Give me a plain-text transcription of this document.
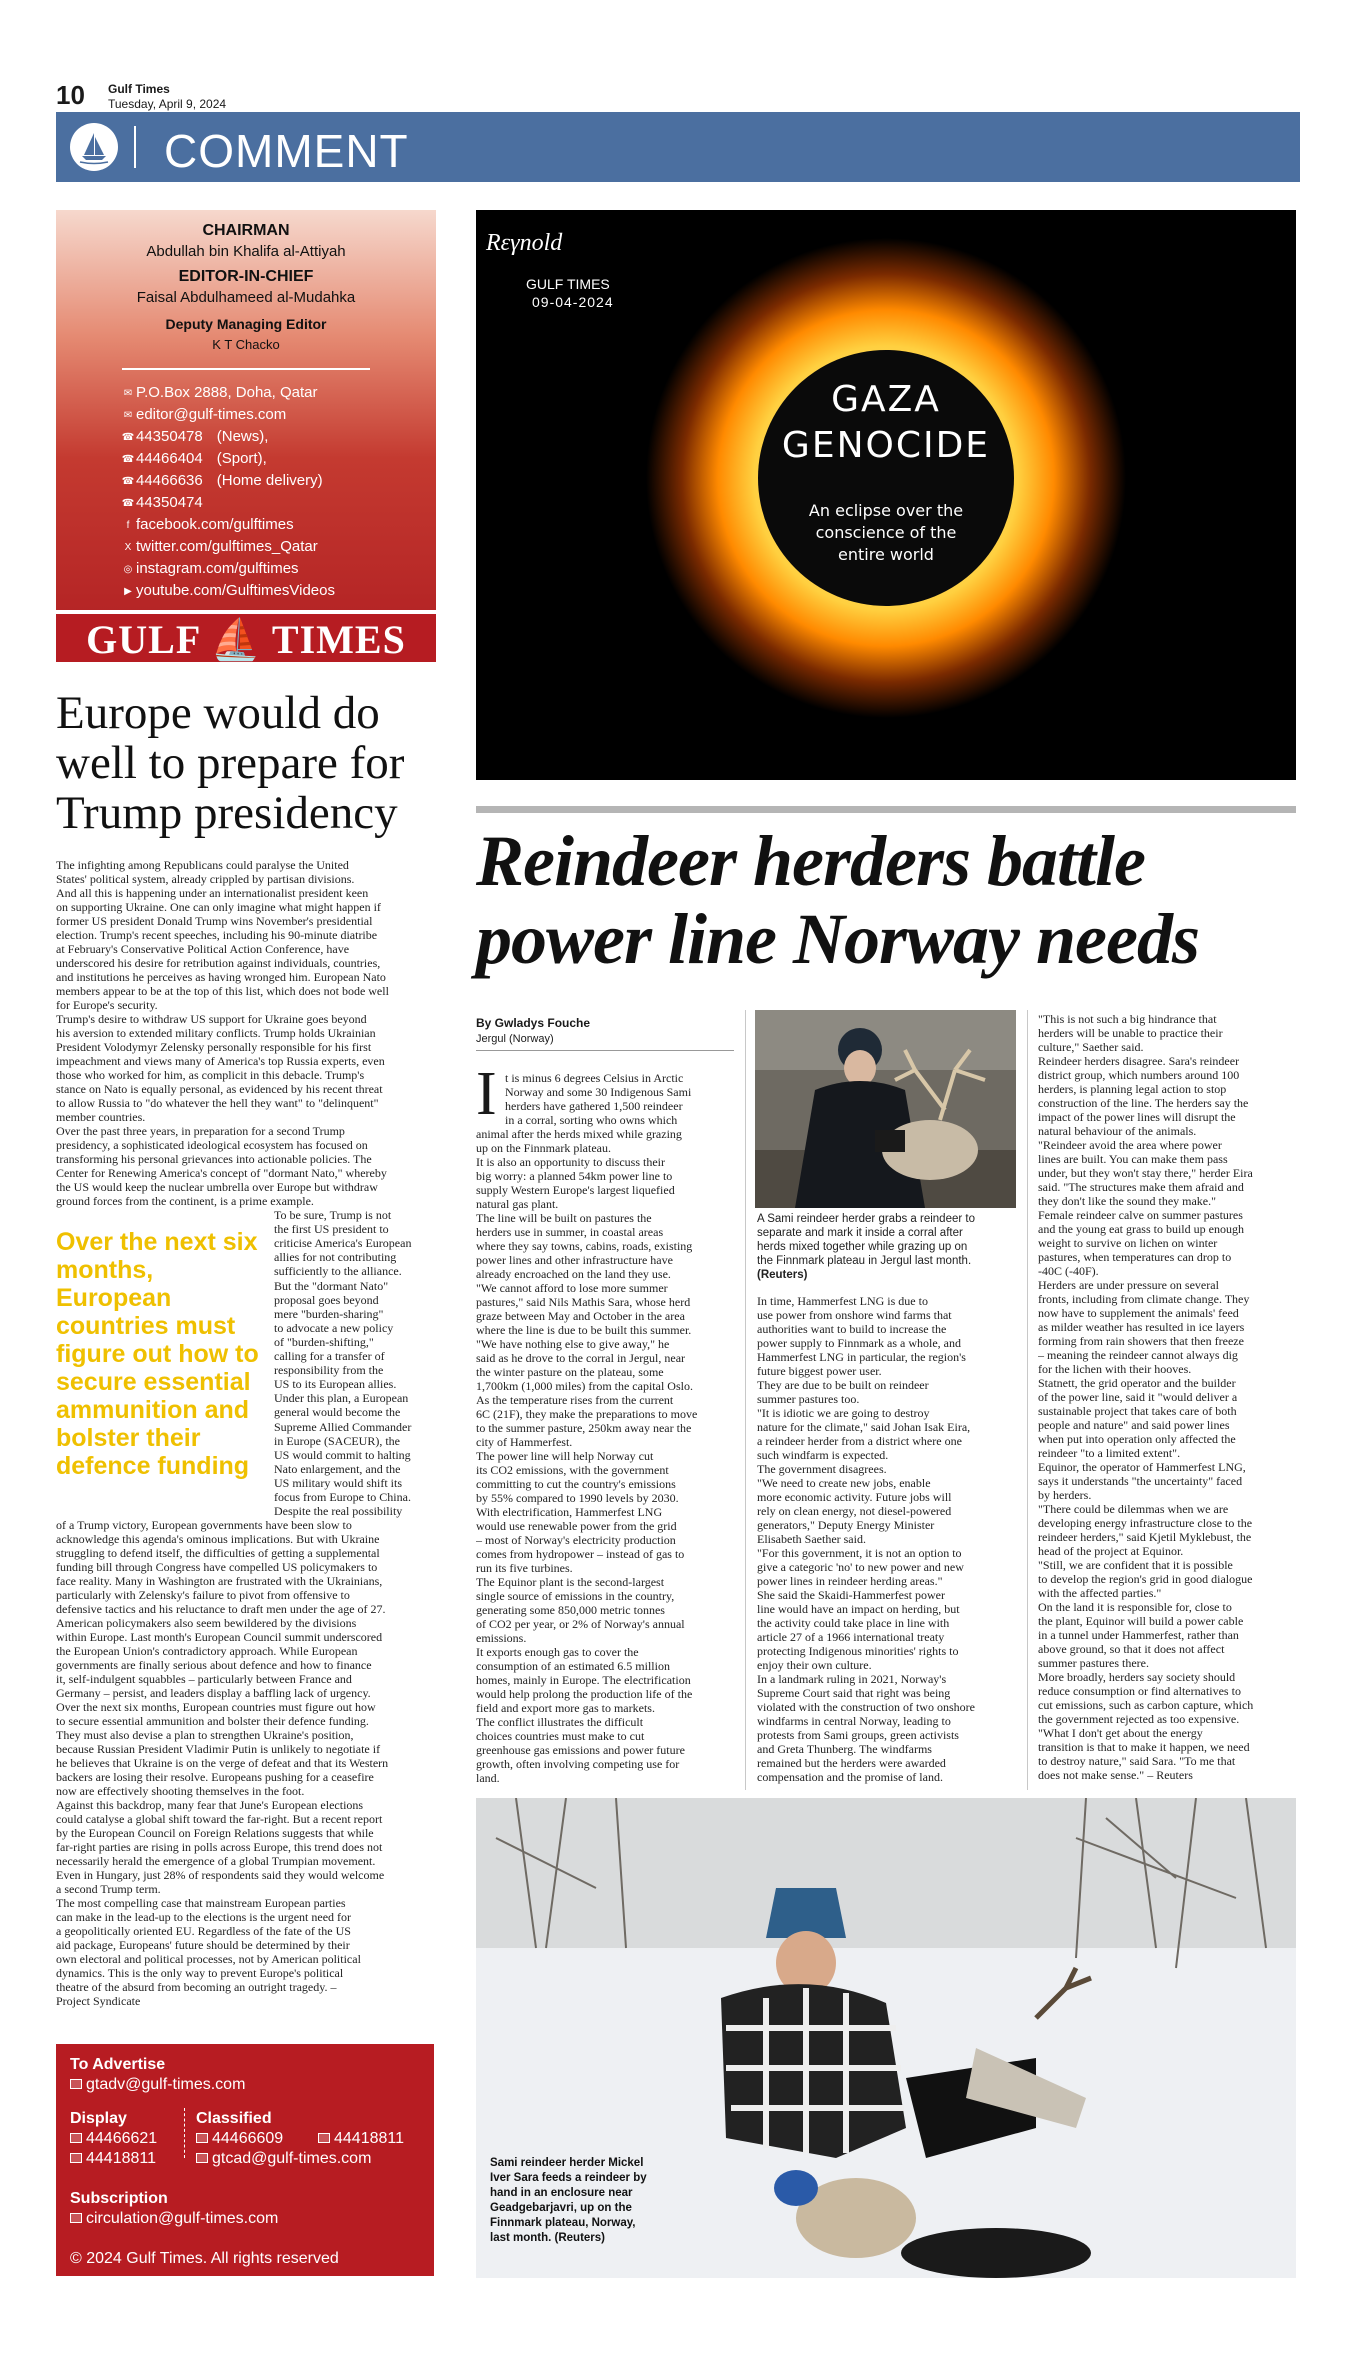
10 Gulf Times
Tuesday, April 9, 2024
COMMENT
CHAIRMAN
Abdullah bin Khalifa al-Attiyah
EDITOR-IN-CHIEF
Faisal Abdulhameed al-Mudahka
Deputy Managing Editor
K T Chacko
✉ P.O.Box 2888, Doha, Qatar
✉ editor@gulf-times.com
☎ 44350478 (News),
☎ 44466404 (Sport),
☎ 44466636 (Home delivery)
☎ 44350474
f facebook.com/gulftimes
X twitter.com/gulftimes_Qatar
◎ instagram.com/gulftimes
▶ youtube.com/GulftimesVideos
GULF ⛵ TIMES
Europe would do well to prepare for Trump presidency
The infighting among Republicans could paralyse the United
States' political system, already crippled by partisan divisions.
And all this is happening under an internationalist president keen
on supporting Ukraine. One can only imagine what might happen if
former US president Donald Trump wins November's presidential
election. Trump's recent speeches, including his 90-minute diatribe
at February's Conservative Political Action Conference, have
underscored his desire for retribution against individuals, countries,
and institutions he perceives as having wronged him. European Nato
members appear to be at the top of this list, which does not bode well
for Europe's security.
Trump's desire to withdraw US support for Ukraine goes beyond
his aversion to extended military conflicts. Trump holds Ukrainian
President Volodymyr Zelensky personally responsible for his first
impeachment and views many of America's top Russia experts, even
those who worked for him, as complicit in this debacle. Trump's
stance on Nato is equally personal, as evidenced by his recent threat
to allow Russia to "do whatever the hell they want" to "delinquent"
member countries.
Over the past three years, in preparation for a second Trump
presidency, a sophisticated ideological ecosystem has focused on
transforming his personal grievances into actionable policies. The
Center for Renewing America's concept of "dormant Nato," whereby
the US would keep the nuclear umbrella over Europe but withdraw
ground forces from the continent, is a prime example.
To be sure, Trump is not
the first US president to
criticise America's European
allies for not contributing
sufficiently to the alliance.
But the "dormant Nato"
proposal goes beyond
mere "burden-sharing"
to advocate a new policy
of "burden-shifting,"
calling for a transfer of
responsibility from the
US to its European allies.
Under this plan, a European
general would become the
Supreme Allied Commander
in Europe (SACEUR), the
US would commit to halting
Nato enlargement, and the
US military would shift its
focus from Europe to China.
Despite the real possibility
of a Trump victory, European governments have been slow to
acknowledge this agenda's ominous implications. But with Ukraine
struggling to defend itself, the difficulties of getting a supplemental
funding bill through Congress have compelled US policymakers to
face reality. Many in Washington are frustrated with the Ukrainians,
particularly with Zelensky's failure to pivot from offensive to
defensive tactics and his reluctance to draft men under the age of 27.
American policymakers also seem bewildered by the divisions
within Europe. Last month's European Council summit underscored
the European Union's contradictory approach. While European
governments are finally serious about defence and how to finance
it, self-indulgent squabbles – particularly between France and
Germany – persist, and leaders display a baffling lack of urgency.
Over the next six months, European countries must figure out how
to secure essential ammunition and bolster their defence funding.
They must also devise a plan to strengthen Ukraine's position,
because Russian President Vladimir Putin is unlikely to negotiate if
he believes that Ukraine is on the verge of defeat and that its Western
backers are losing their resolve. Europeans pushing for a ceasefire
now are effectively shooting themselves in the foot.
Against this backdrop, many fear that June's European elections
could catalyse a global shift toward the far-right. But a recent report
by the European Council on Foreign Relations suggests that while
far-right parties are rising in polls across Europe, this trend does not
necessarily herald the emergence of a global Trumpian movement.
Even in Hungary, just 28% of respondents said they would welcome
a second Trump term.
The most compelling case that mainstream European parties
can make in the lead-up to the elections is the urgent need for
a geopolitically oriented EU. Regardless of the fate of the US
aid package, Europeans' future should be determined by their
own electoral and political processes, not by American political
dynamics. This is the only way to prevent Europe's political
theatre of the absurd from becoming an outright tragedy. –
Project Syndicate
Over the next six months, European countries must figure out how to secure essential ammunition and bolster their defence funding
Rεγnold
GULF TIMES
09-04-2024
GAZA
GENOCIDE
An eclipse over the
conscience of the
entire world
Reindeer herders battle
power line Norway needs
By Gwladys Fouche
Jergul (Norway)
I t is minus 6 degrees Celsius in Arctic
Norway and some 30 Indigenous Sami
herders have gathered 1,500 reindeer
in a corral, sorting who owns which
animal after the herds mixed while grazing
up on the Finnmark plateau.
It is also an opportunity to discuss their
big worry: a planned 54km power line to
supply Western Europe's largest liquefied
natural gas plant.
The line will be built on pastures the
herders use in summer, in coastal areas
where they say towns, cabins, roads, existing
power lines and other infrastructure have
already encroached on the land they use.
"We cannot afford to lose more summer
pastures," said Nils Mathis Sara, whose herd
graze between May and October in the area
where the line is due to be built this summer.
"We have nothing else to give away," he
said as he drove to the corral in Jergul, near
the winter pasture on the plateau, some
1,700km (1,000 miles) from the capital Oslo.
As the temperature rises from the current
6C (21F), they make the preparations to move
to the summer pasture, 250km away near the
city of Hammerfest.
The power line will help Norway cut
its CO2 emissions, with the government
committing to cut the country's emissions
by 55% compared to 1990 levels by 2030.
With electrification, Hammerfest LNG
would use renewable power from the grid
– most of Norway's electricity production
comes from hydropower – instead of gas to
run its five turbines.
The Equinor plant is the second-largest
single source of emissions in the country,
generating some 850,000 metric tonnes
of CO2 per year, or 2% of Norway's annual
emissions.
It exports enough gas to cover the
consumption of an estimated 6.5 million
homes, mainly in Europe. The electrification
would help prolong the production life of the
field and export more gas to markets.
The conflict illustrates the difficult
choices countries must make to cut
greenhouse gas emissions and power future
growth, often involving competing use for
land.
In time, Hammerfest LNG is due to
use power from onshore wind farms that
authorities want to build to increase the
power supply to Finnmark as a whole, and
Hammerfest LNG in particular, the region's
future biggest power user.
They are due to be built on reindeer
summer pastures too.
"It is idiotic we are going to destroy
nature for the climate," said Johan Isak Eira,
a reindeer herder from a district where one
such windfarm is expected.
The government disagrees.
"We need to create new jobs, enable
more economic activity. Future jobs will
rely on clean energy, not diesel-powered
generators," Deputy Energy Minister
Elisabeth Saether said.
"For this government, it is not an option to
give a categoric 'no' to new power and new
power lines in reindeer herding areas."
She said the Skaidi-Hammerfest power
line would have an impact on herding, but
the activity could take place in line with
article 27 of a 1966 international treaty
protecting Indigenous minorities' rights to
enjoy their own culture.
In a landmark ruling in 2021, Norway's
Supreme Court said that right was being
violated with the construction of two onshore
windfarms in central Norway, leading to
protests from Sami groups, green activists
and Greta Thunberg. The windfarms
remained but the herders were awarded
compensation and the promise of land.
"This is not such a big hindrance that
herders will be unable to practice their
culture," Saether said.
Reindeer herders disagree. Sara's reindeer
district group, which numbers around 100
herders, is planning legal action to stop
construction of the line. The herders say the
impact of the power lines will disrupt the
natural behaviour of the animals.
"Reindeer avoid the area where power
lines are built. You can make them pass
under, but they won't stay there," herder Eira
said. "The structures make them afraid and
they don't like the sound they make."
Female reindeer calve on summer pastures
and the young eat grass to build up enough
weight to survive on lichen on winter
pastures, when temperatures can drop to
-40C (-40F).
Herders are under pressure on several
fronts, including from climate change. They
now have to supplement the animals' feed
as milder weather has resulted in ice layers
forming from rain showers that then freeze
– meaning the reindeer cannot always dig
for the lichen with their hooves.
Statnett, the grid operator and the builder
of the power line, said it "would deliver a
sustainable project that takes care of both
people and nature" and said power lines
when put into operation only affected the
reindeer "to a limited extent".
Equinor, the operator of Hammerfest LNG,
says it understands "the uncertainty" faced
by herders.
"There could be dilemmas when we are
developing energy infrastructure close to the
reindeer herders," said Kjetil Myklebust, the
head of the project at Equinor.
"Still, we are confident that it is possible
to develop the region's grid in good dialogue
with the affected parties."
On the land it is responsible for, close to
the plant, Equinor will build a power cable
in a tunnel under Hammerfest, rather than
above ground, so that it does not affect
summer pastures there.
More broadly, herders say society should
reduce consumption or find alternatives to
cut emissions, such as carbon capture, which
the government rejected as too expensive.
"What I don't get about the energy
transition is that to make it happen, we need
to destroy nature," said Sara. "To me that
does not make sense." – Reuters
A Sami reindeer herder grabs a reindeer to
separate and mark it inside a corral after
herds mixed together while grazing up on
the Finnmark plateau in Jergul last month.
(Reuters)
Sami reindeer herder Mickel
Iver Sara feeds a reindeer by
hand in an enclosure near
Geadgebarjavri, up on the
Finnmark plateau, Norway,
last month. (Reuters)
To Advertise
gtadv@gulf-times.com
Display
44466621
44418811
Classified
44466609	44418811
gtcad@gulf-times.com
Subscription
circulation@gulf-times.com
© 2024 Gulf Times. All rights reserved
